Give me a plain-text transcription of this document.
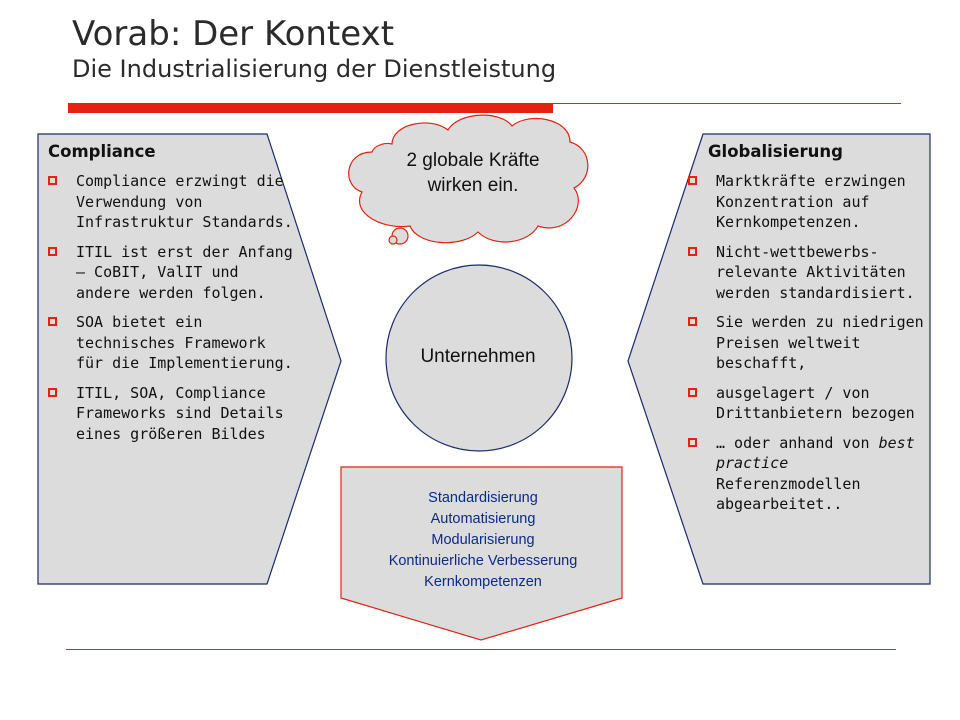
Vorab: Der Kontext
Die Industrialisierung der Dienstleistung
2 globale Kräfte wirken ein.
Unternehmen
Standardisierung
Automatisierung
Modularisierung
Kontinuierliche Verbesserung
Kernkompetenzen
Compliance
Compliance erzwingt die Verwendung von Infrastruktur Standards.
ITIL ist erst der Anfang – CoBIT, ValIT und andere werden folgen.
SOA bietet ein technisches Framework für die Implementierung.
ITIL, SOA, Compliance Frameworks sind Details eines größeren Bildes
Globalisierung
Marktkräfte erzwingen Konzentration auf Kernkompetenzen.
Nicht-wettbewerbs-relevante Aktivitäten werden standardisiert.
Sie werden zu niedrigen Preisen weltweit beschafft,
ausgelagert / von Drittanbietern bezogen
… oder anhand von best practice Referenzmodellen abgearbeitet..
